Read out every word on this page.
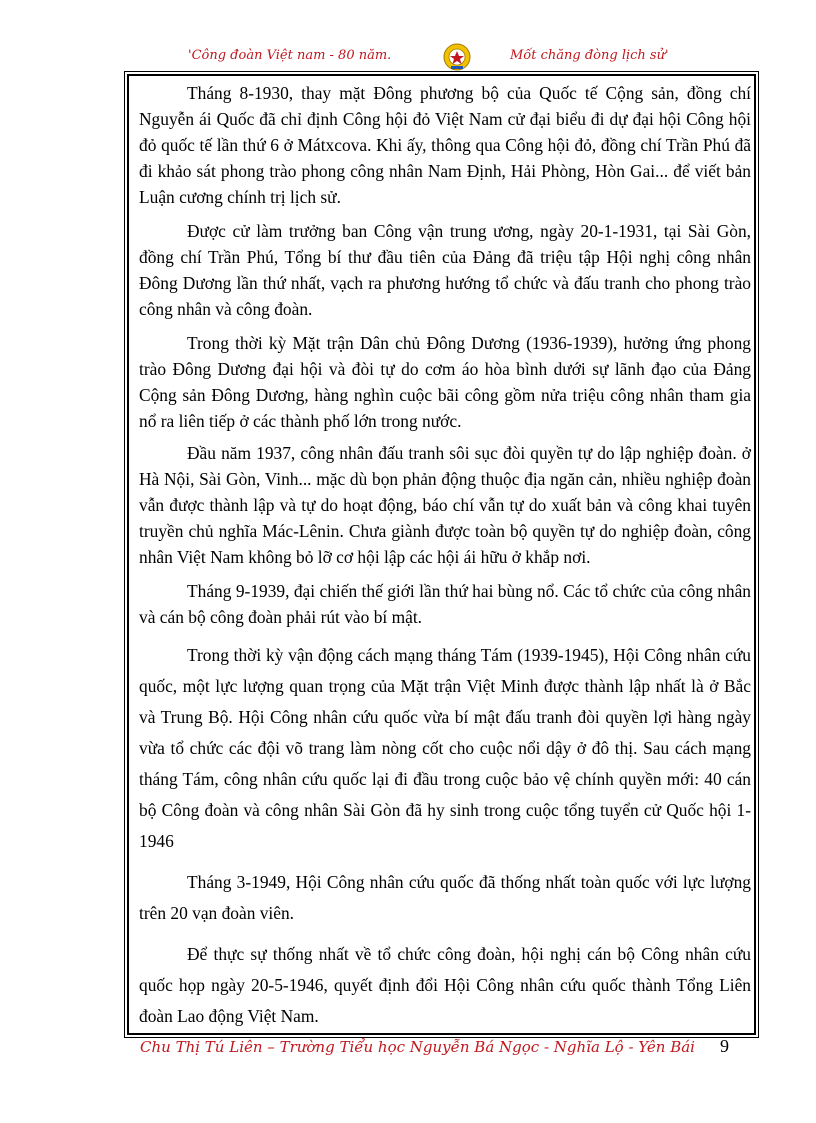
'Công đoàn Việt nam - 80 năm.	Mốt chăng đòng lịch sử'

Tháng 8-1930, thay mặt Đông phương bộ của Quốc tế Cộng sản, đồng chí Nguyễn ái Quốc đã chỉ định Công hội đỏ Việt Nam cử đại biểu đi dự đại hội Công hội đỏ quốc tế lần thứ 6 ở Mátxcova. Khi ấy, thông qua Công hội đỏ, đồng chí Trần Phú đã đi khảo sát phong trào phong công nhân Nam Định, Hải Phòng, Hòn Gai... để viết bản Luận cương chính trị lịch sử.

Được cử làm trưởng ban Công vận trung ương, ngày 20-1-1931, tại Sài Gòn, đồng chí Trần Phú, Tổng bí thư đầu tiên của Đảng đã triệu tập Hội nghị công nhân Đông Dương lần thứ nhất, vạch ra phương hướng tổ chức và đấu tranh cho phong trào công nhân và công đoàn.

Trong thời kỳ Mặt trận Dân chủ Đông Dương (1936-1939), hưởng ứng phong trào Đông Dương đại hội và đòi tự do cơm áo hòa bình dưới sự lãnh đạo của Đảng Cộng sản Đông Dương, hàng nghìn cuộc bãi công gồm nửa triệu công nhân tham gia nổ ra liên tiếp ở các thành phố lớn trong nước.

Đầu năm 1937, công nhân đấu tranh sôi sục đòi quyền tự do lập nghiệp đoàn. ở Hà Nội, Sài Gòn, Vinh... mặc dù bọn phản động thuộc địa ngăn cản, nhiều nghiệp đoàn vẫn được thành lập và tự do hoạt động, báo chí vẫn tự do xuất bản và công khai tuyên truyền chủ nghĩa Mác-Lênin. Chưa giành được toàn bộ quyền tự do nghiệp đoàn, công nhân Việt Nam không bỏ lỡ cơ hội lập các hội ái hữu ở khắp nơi.

Tháng 9-1939, đại chiến thế giới lần thứ hai bùng nổ. Các tổ chức của công nhân và cán bộ công đoàn phải rút vào bí mật.

Trong thời kỳ vận động cách mạng tháng Tám (1939-1945), Hội Công nhân cứu quốc, một lực lượng quan trọng của Mặt trận Việt Minh được thành lập nhất là ở Bắc và Trung Bộ. Hội Công nhân cứu quốc vừa bí mật đấu tranh đòi quyền lợi hàng ngày vừa tổ chức các đội võ trang làm nòng cốt cho cuộc nổi dậy ở đô thị. Sau cách mạng tháng Tám, công nhân cứu quốc lại đi đầu trong cuộc bảo vệ chính quyền mới: 40 cán bộ Công đoàn và công nhân Sài Gòn đã hy sinh trong cuộc tổng tuyển cử Quốc hội 1-1946

Tháng 3-1949, Hội Công nhân cứu quốc đã thống nhất toàn quốc với lực lượng trên 20 vạn đoàn viên.

Để thực sự thống nhất về tổ chức công đoàn, hội nghị cán bộ Công nhân cứu quốc họp ngày 20-5-1946, quyết định đổi Hội Công nhân cứu quốc thành Tổng Liên đoàn Lao động Việt Nam.

Chu Thị Tú Liên – Trường Tiểu học Nguyễn Bá Ngọc - Nghĩa Lộ - Yên Bái 9
